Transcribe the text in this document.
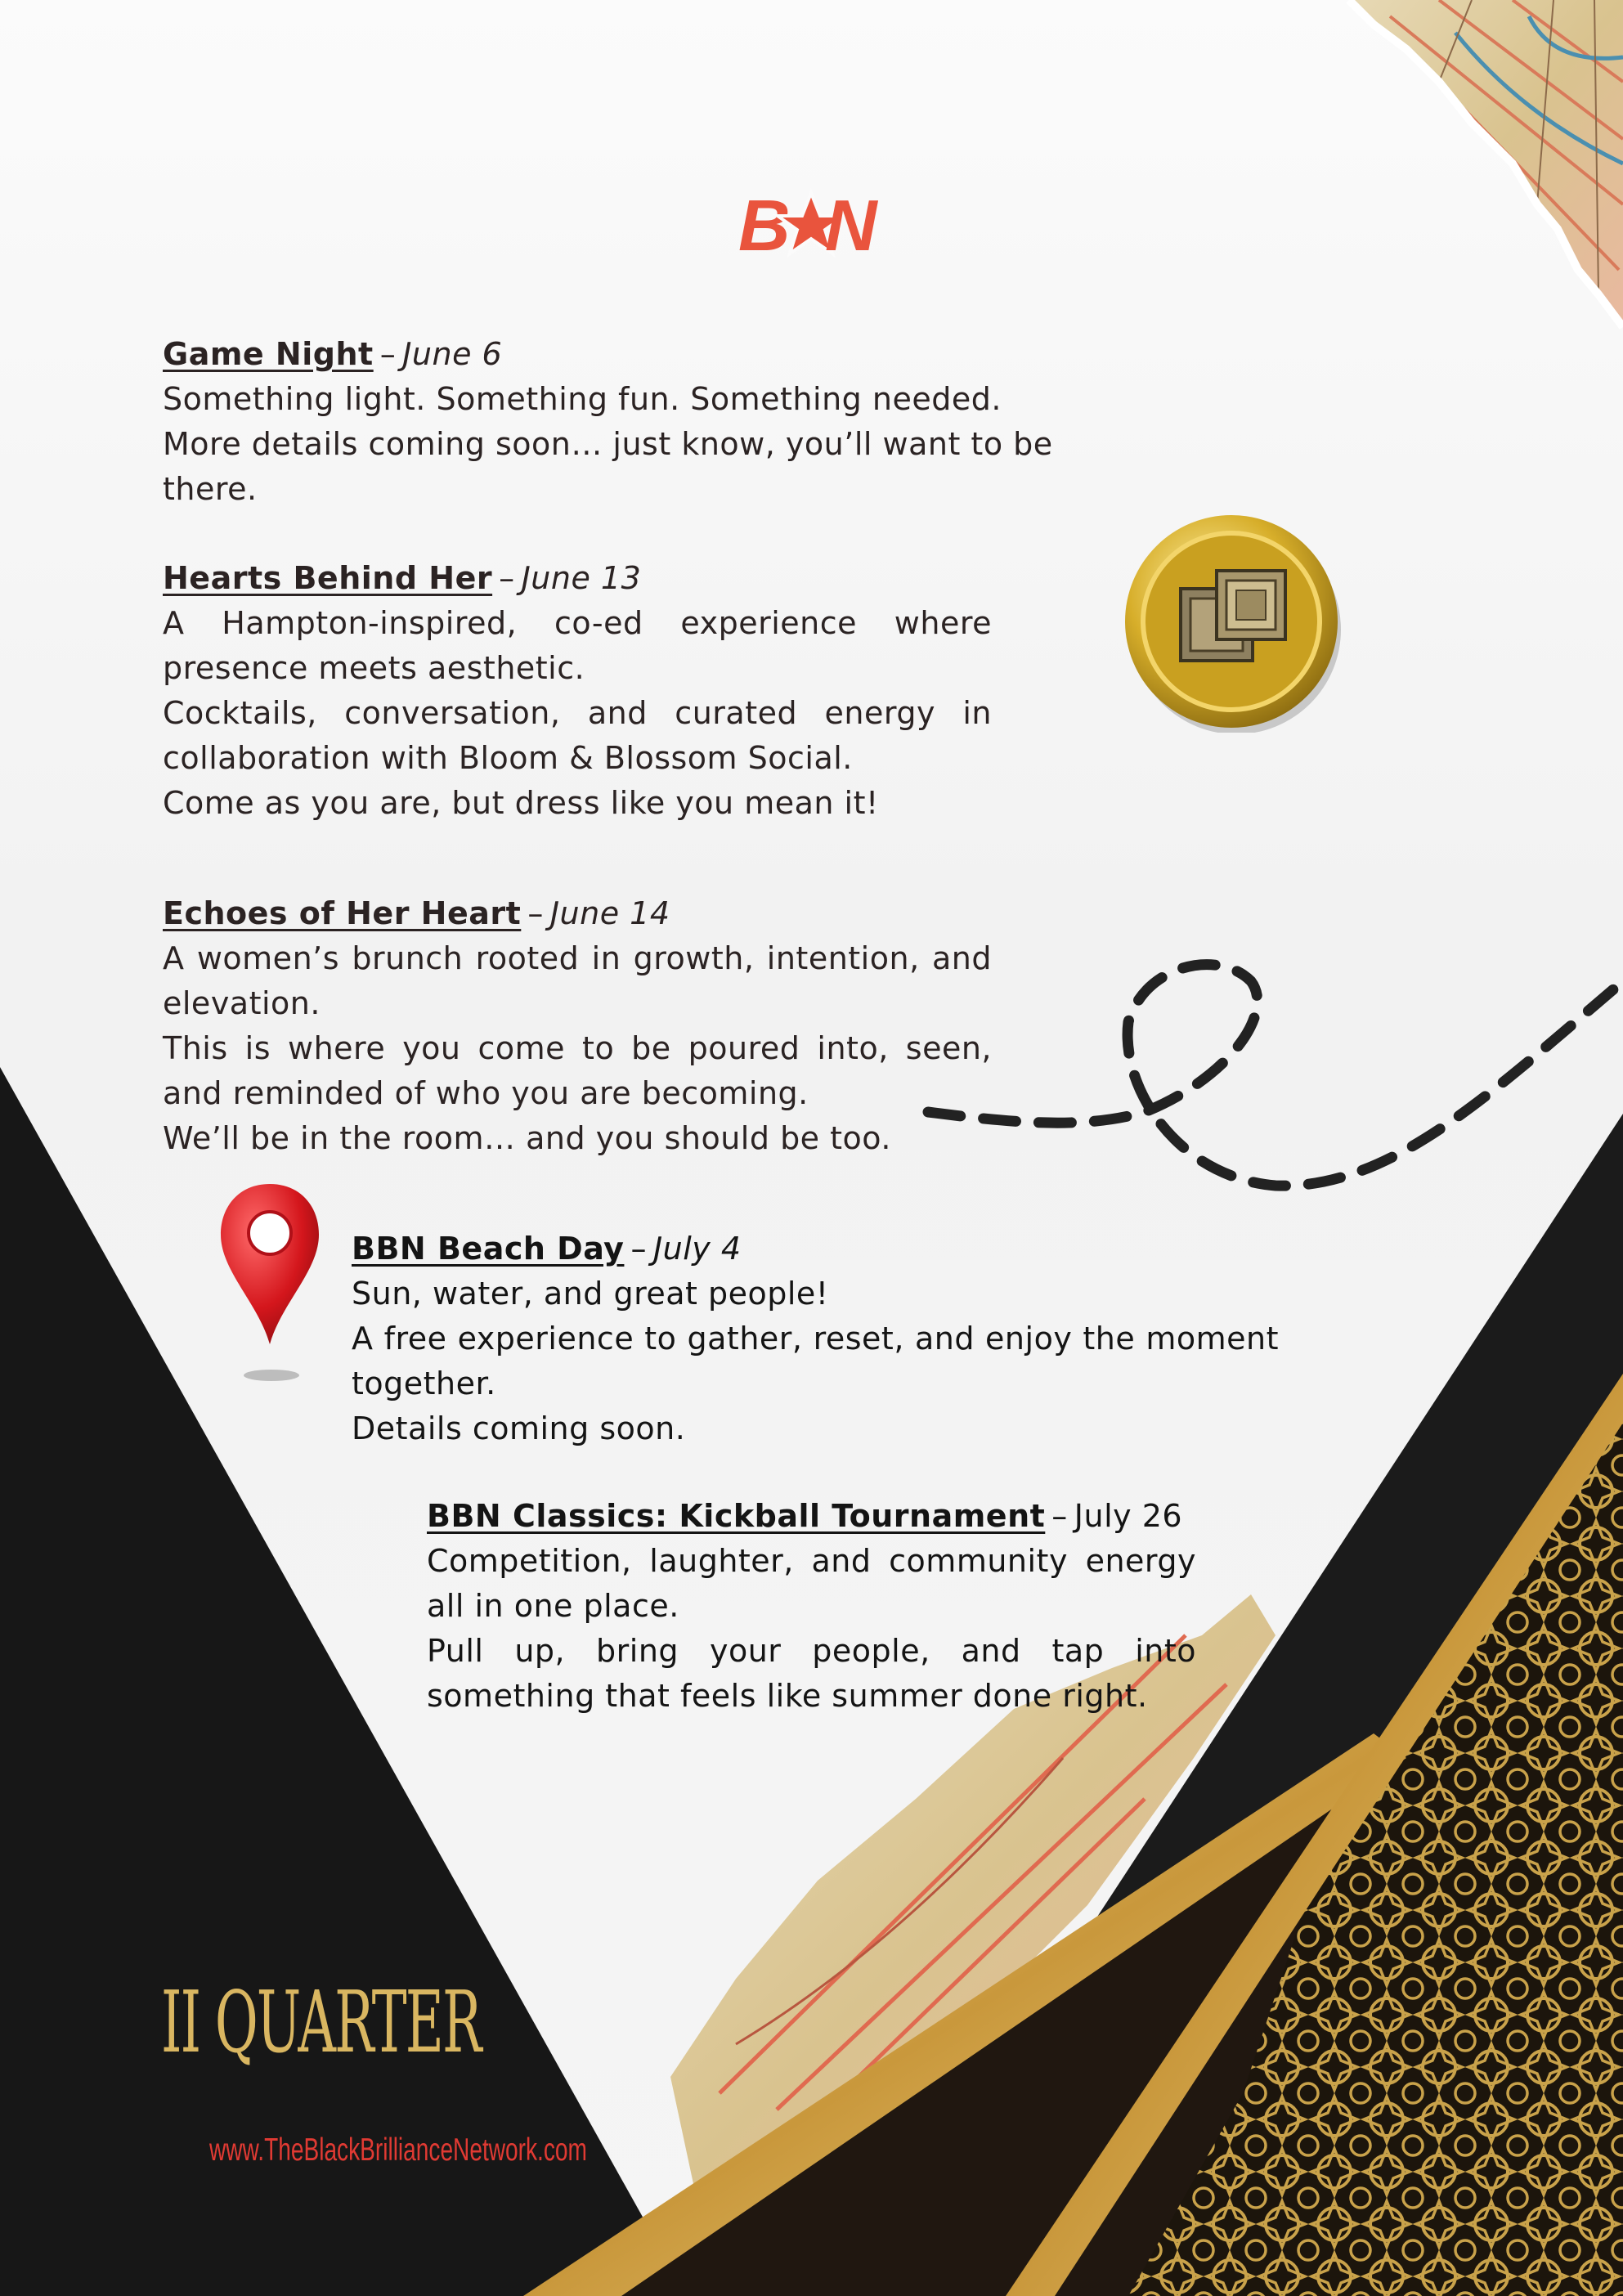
B N
Game Night – June 6

Something light. Something fun. Something needed.

More details coming soon… just know, you’ll want to be there.

Hearts Behind Her – June 13

A Hampton-inspired, co-ed experience where presence meets aesthetic.

Cocktails, conversation, and curated energy in collaboration with Bloom & Blossom Social.

Come as you are, but dress like you mean it!

Echoes of Her Heart – June 14

A women’s brunch rooted in growth, intention, and elevation.

This is where you come to be poured into, seen, and reminded of who you are becoming.

We’ll be in the room… and you should be too.

BBN Beach Day – July 4

Sun, water, and great people!

A free experience to gather, reset, and enjoy the moment together.

Details coming soon.

BBN Classics: Kickball Tournament – July 26

Competition, laughter, and community energy all in one place.

Pull up, bring your people, and tap into something that feels like summer done right.

II QUARTER
www.TheBlackBrillianceNetwork.com
